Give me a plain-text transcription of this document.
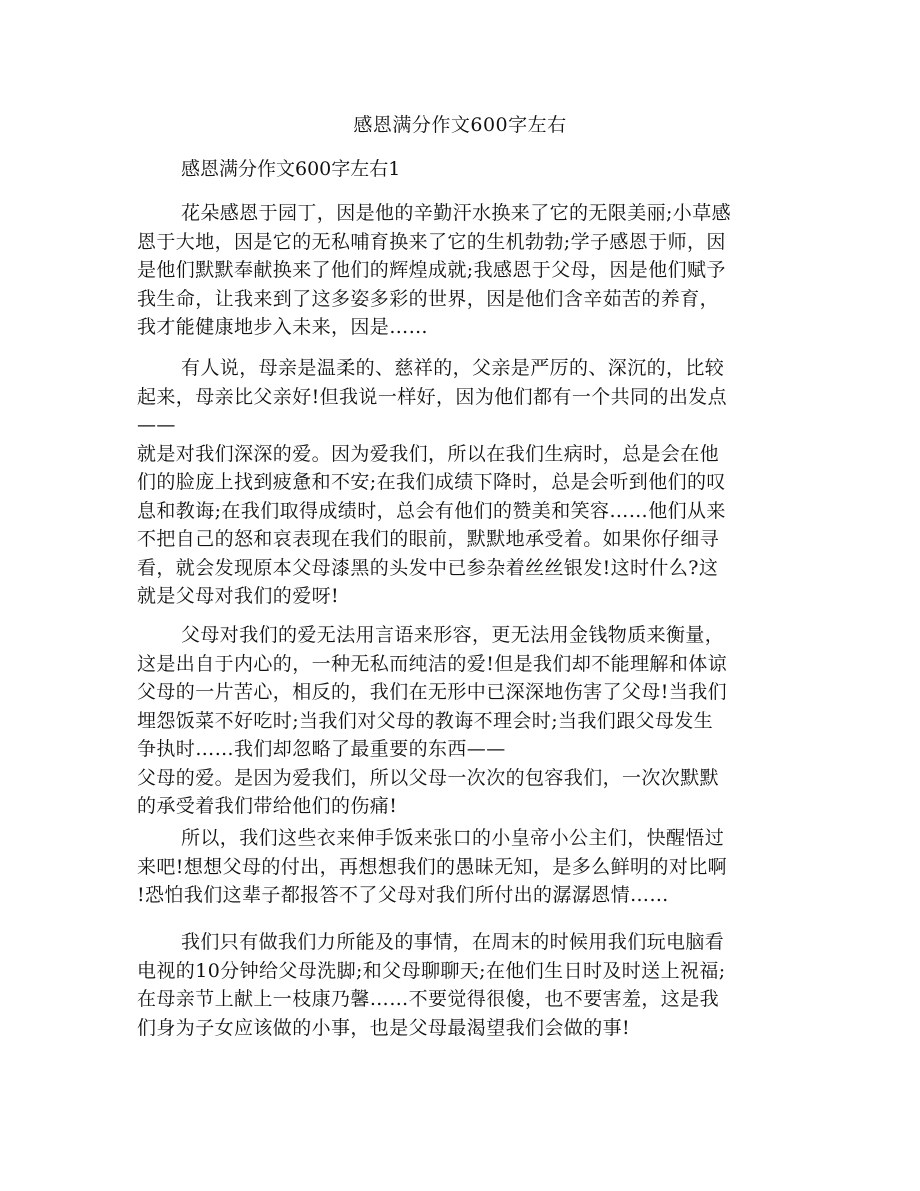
感恩满分作文600字左右
感恩满分作文600字左右1
花朵感恩于园丁，因是他的辛勤汗水换来了它的无限美丽;小草感
恩于大地，因是它的无私哺育换来了它的生机勃勃;学子感恩于师，因
是他们默默奉献换来了他们的辉煌成就;我感恩于父母，因是他们赋予
我生命，让我来到了这多姿多彩的世界，因是他们含辛茹苦的养育，
我才能健康地步入未来，因是……
有人说，母亲是温柔的、慈祥的，父亲是严厉的、深沉的，比较
起来，母亲比父亲好!但我说一样好，因为他们都有一个共同的出发点
——
就是对我们深深的爱。因为爱我们，所以在我们生病时，总是会在他
们的脸庞上找到疲惫和不安;在我们成绩下降时，总是会听到他们的叹
息和教诲;在我们取得成绩时，总会有他们的赞美和笑容……他们从来
不把自己的怒和哀表现在我们的眼前，默默地承受着。如果你仔细寻
看，就会发现原本父母漆黑的头发中已参杂着丝丝银发!这时什么?这
就是父母对我们的爱呀!
父母对我们的爱无法用言语来形容，更无法用金钱物质来衡量，
这是出自于内心的，一种无私而纯洁的爱!但是我们却不能理解和体谅
父母的一片苦心，相反的，我们在无形中已深深地伤害了父母!当我们
埋怨饭菜不好吃时;当我们对父母的教诲不理会时;当我们跟父母发生
争执时……我们却忽略了最重要的东西——
父母的爱。是因为爱我们，所以父母一次次的包容我们，一次次默默
的承受着我们带给他们的伤痛!
所以，我们这些衣来伸手饭来张口的小皇帝小公主们，快醒悟过
来吧!想想父母的付出，再想想我们的愚昧无知，是多么鲜明的对比啊
!恐怕我们这辈子都报答不了父母对我们所付出的潺潺恩情……
我们只有做我们力所能及的事情，在周末的时候用我们玩电脑看
电视的10分钟给父母洗脚;和父母聊聊天;在他们生日时及时送上祝福;
在母亲节上献上一枝康乃馨……不要觉得很傻，也不要害羞，这是我
们身为子女应该做的小事，也是父母最渴望我们会做的事!
